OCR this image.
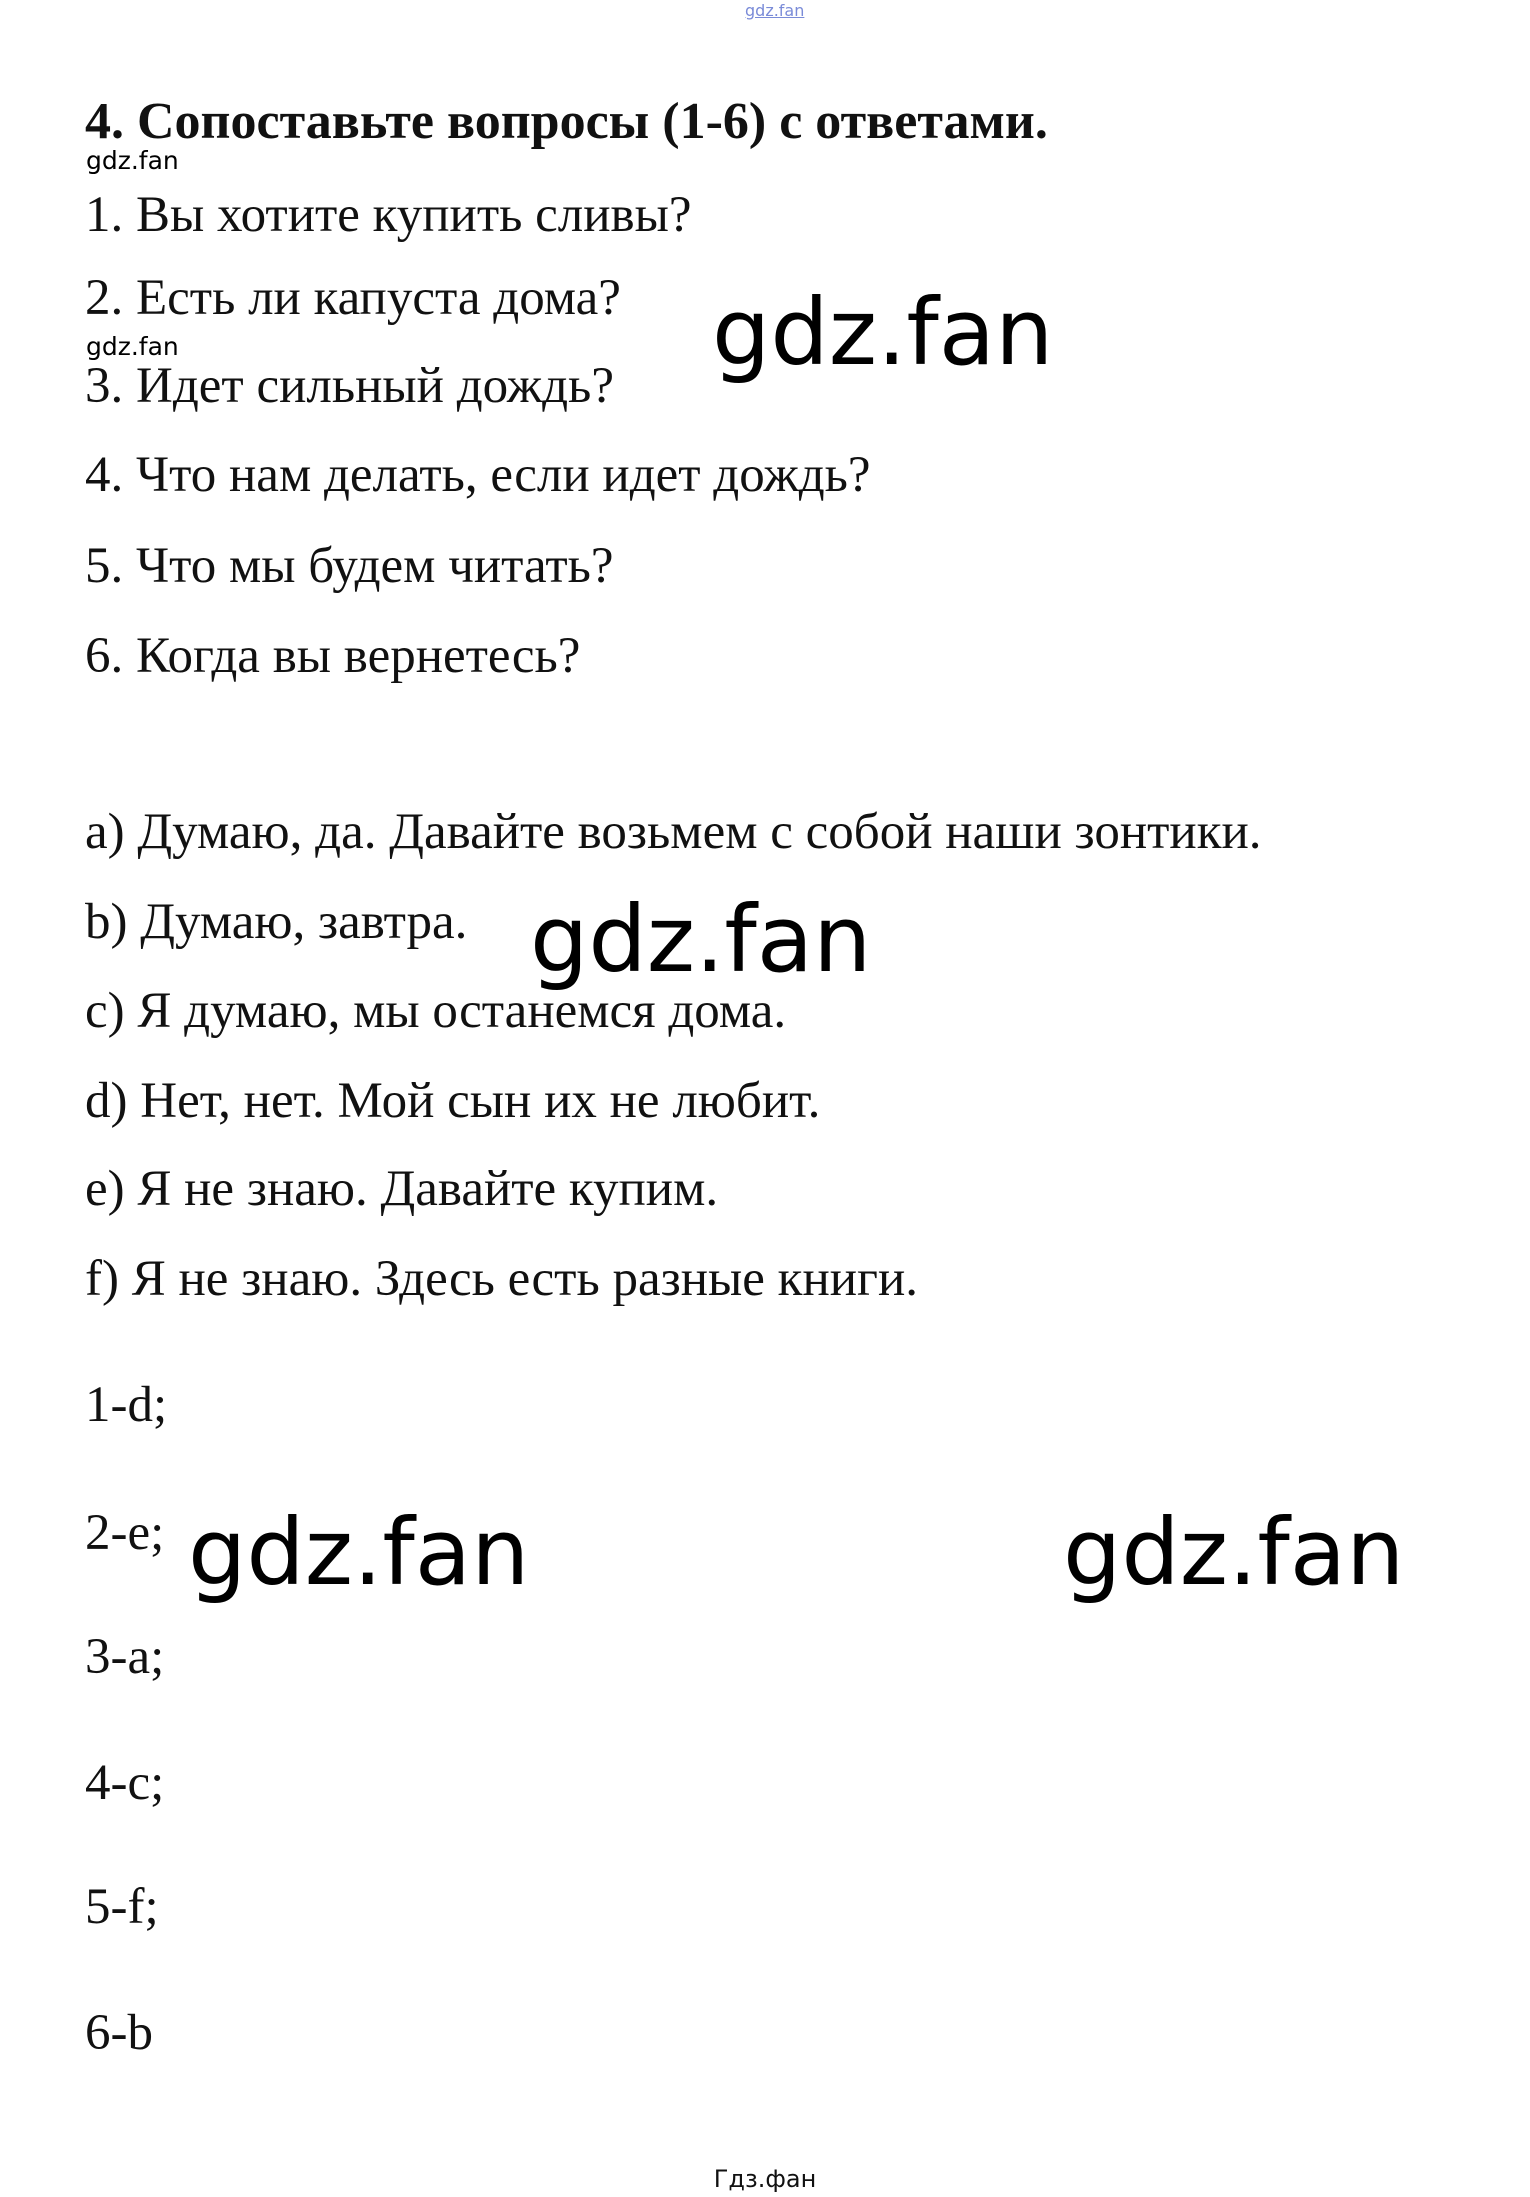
gdz.fan
4. Сопоставьте вопросы (1-6) с ответами.
gdz.fan
1. Вы хотите купить сливы?
2. Есть ли капуста дома? gdz.fan
gdz.fan
3. Идет сильный дождь?
4. Что нам делать, если идет дождь?
5. Что мы будем читать?
6. Когда вы вернетесь?
a) Думаю, да. Давайте возьмем с собой наши зонтики.
b) Думаю, завтра. gdz.fan
c) Я думаю, мы останемся дома.
d) Нет, нет. Мой сын их не любит.
e) Я не знаю. Давайте купим.
f) Я не знаю. Здесь есть разные книги.
1-d;
2-e; gdz.fan	gdz.fan
3-a;
4-c;
5-f;
6-b
Гдз.фан
